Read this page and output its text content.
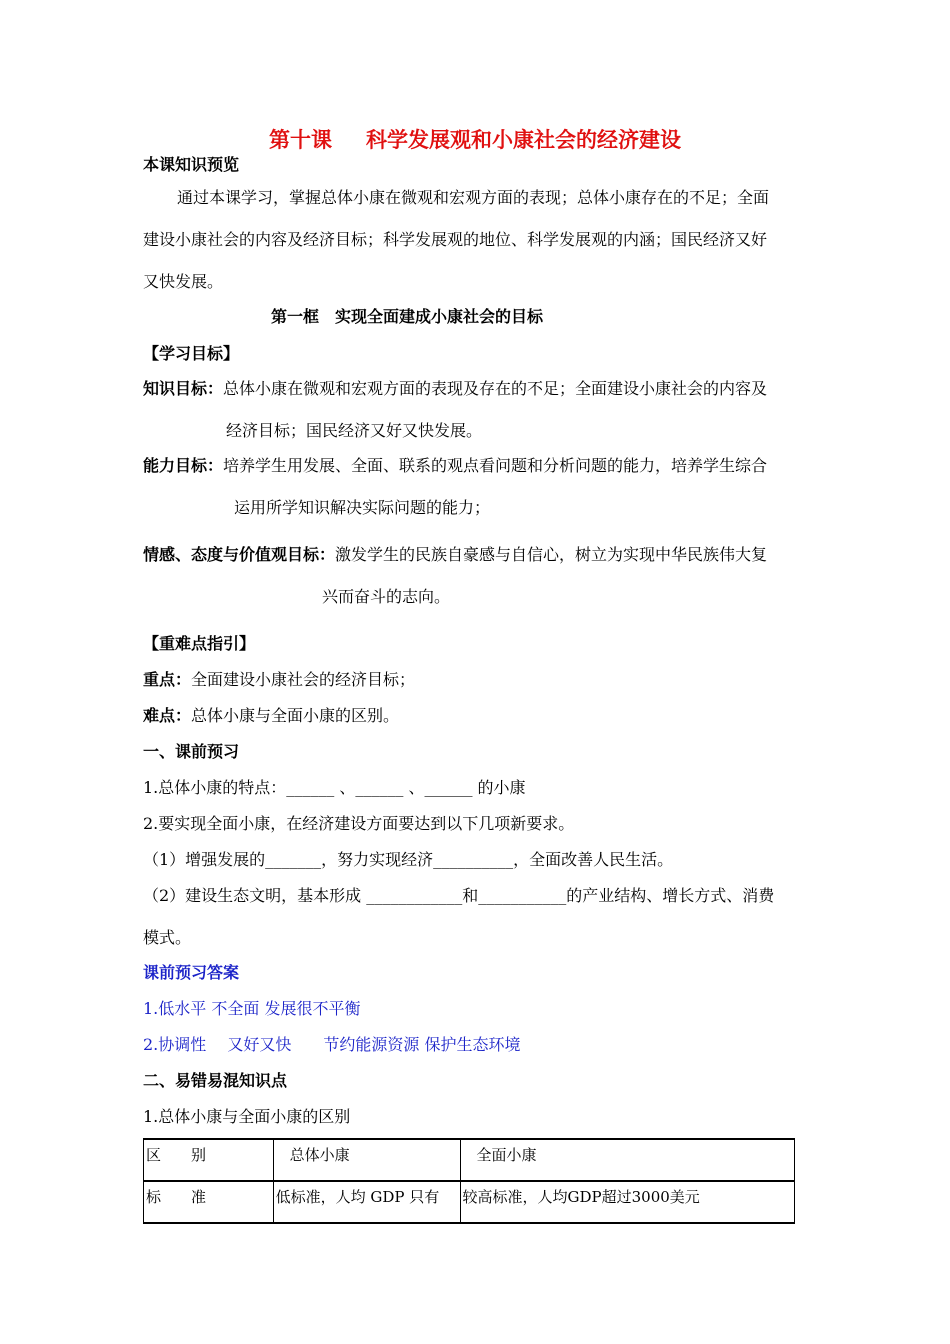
第十课 科学发展观和小康社会的经济建设
本课知识预览
通过本课学习，掌握总体小康在微观和宏观方面的表现；总体小康存在的不足；全面
建设小康社会的内容及经济目标；科学发展观的地位、科学发展观的内涵；国民经济又好
又快发展。
第一框　实现全面建成小康社会的目标
【学习目标】
知识目标：总体小康在微观和宏观方面的表现及存在的不足；全面建设小康社会的内容及
经济目标；国民经济又好又快发展。
能力目标：培养学生用发展、全面、联系的观点看问题和分析问题的能力，培养学生综合
运用所学知识解决实际问题的能力；
情感、态度与价值观目标：激发学生的民族自豪感与自信心，树立为实现中华民族伟大复
兴而奋斗的志向。
【重难点指引】
重点：全面建设小康社会的经济目标；
难点：总体小康与全面小康的区别。
一、课前预习
1.总体小康的特点：______ 、______ 、______ 的小康
2.要实现全面小康，在经济建设方面要达到以下几项新要求。
（1）增强发展的_______，努力实现经济__________，全面改善人民生活。
（2）建设生态文明，基本形成 ____________和___________的产业结构、增长方式、消费
模式。
课前预习答案
1.低水平 不全面 发展很不平衡
2.协调性　 又好又快　　节约能源资源 保护生态环境
二、易错易混知识点
1.总体小康与全面小康的区别
区　　别	总体小康	全面小康
标　　准	低标准，人均 GDP 只有	较高标准，人均GDP超过3000美元
